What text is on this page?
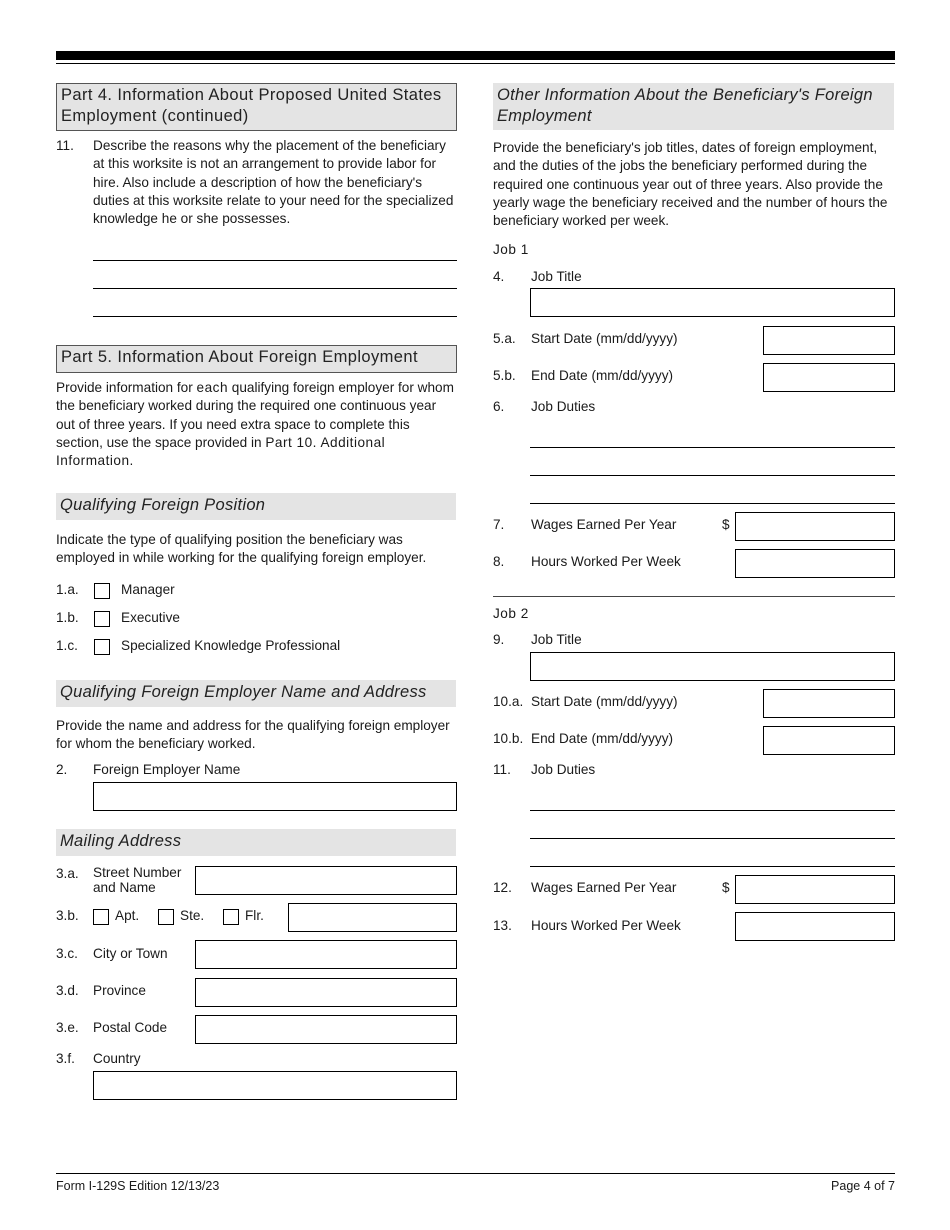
Part 4. Information About Proposed United States Employment (continued)
11. Describe the reasons why the placement of the beneficiary at this worksite is not an arrangement to provide labor for hire. Also include a description of how the beneficiary's duties at this worksite relate to your need for the specialized knowledge he or she possesses.
Part 5. Information About Foreign Employment
Provide information for each qualifying foreign employer for whom the beneficiary worked during the required one continuous year out of three years. If you need extra space to complete this section, use the space provided in Part 10. Additional Information.
Qualifying Foreign Position
Indicate the type of qualifying position the beneficiary was employed in while working for the qualifying foreign employer.
1.a.	Manager
1.b.	Executive
1.c.	Specialized Knowledge Professional
Qualifying Foreign Employer Name and Address
Provide the name and address for the qualifying foreign employer for whom the beneficiary worked.
2. Foreign Employer Name
Mailing Address
3.a. Street Number and Name
3.b.	Apt.	Ste.	Flr.
3.c. City or Town
3.d. Province
3.e. Postal Code
3.f. Country
Other Information About the Beneficiary's Foreign Employment
Provide the beneficiary's job titles, dates of foreign employment, and the duties of the jobs the beneficiary performed during the required one continuous year out of three years. Also provide the yearly wage the beneficiary received and the number of hours the beneficiary worked per week.
Job 1
4. Job Title
5.a. Start Date (mm/dd/yyyy)
5.b. End Date (mm/dd/yyyy)
6. Job Duties
7. Wages Earned Per Year	$
8. Hours Worked Per Week
Job 2
9. Job Title
10.a. Start Date (mm/dd/yyyy)
10.b. End Date (mm/dd/yyyy)
11. Job Duties
12. Wages Earned Per Year	$
13. Hours Worked Per Week
Form I-129S Edition 12/13/23	Page 4 of 7
